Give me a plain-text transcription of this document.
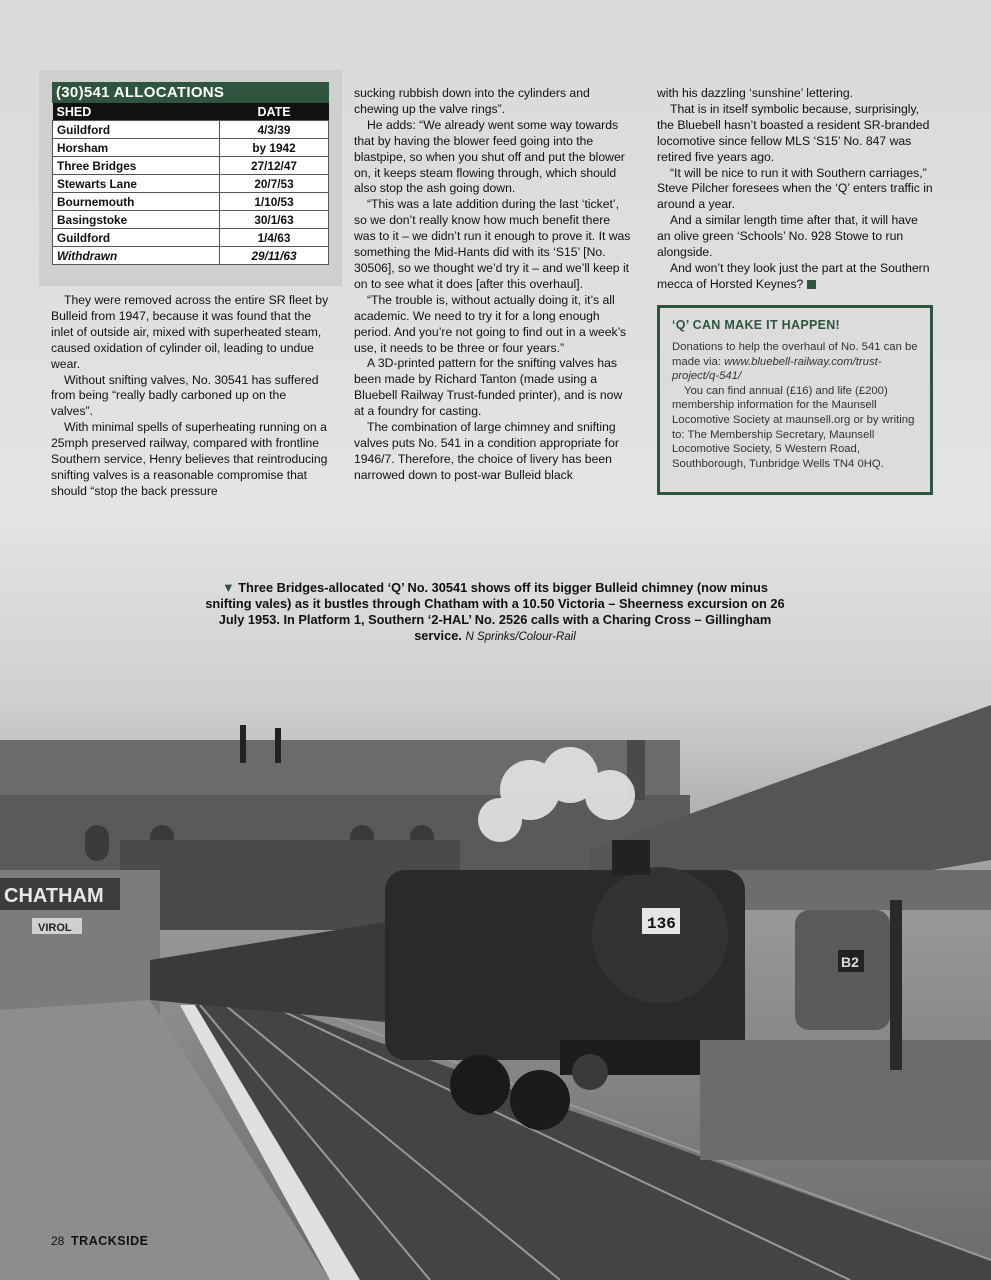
(30)541 ALLOCATIONS
SHED	DATE
Guildford	4/3/39
Horsham	by 1942
Three Bridges	27/12/47
Stewarts Lane	20/7/53
Bournemouth	1/10/53
Basingstoke	30/1/63
Guildford	1/4/63
Withdrawn	29/11/63

They were removed across the entire SR fleet by Bulleid from 1947, because it was found that the inlet of outside air, mixed with superheated steam, caused oxidation of cylinder oil, leading to undue wear.

Without snifting valves, No. 30541 has suffered from being “really badly carboned up on the valves”.

With minimal spells of superheating running on a 25mph preserved railway, compared with frontline Southern service, Henry believes that reintroducing snifting valves is a reasonable compromise that should “stop the back pressure

sucking rubbish down into the cylinders and chewing up the valve rings”.

He adds: “We already went some way towards that by having the blower feed going into the blastpipe, so when you shut off and put the blower on, it keeps steam flowing through, which should also stop the ash going down.

“This was a late addition during the last ‘ticket’, so we don’t really know how much benefit there was to it – we didn’t run it enough to prove it. It was something the Mid-Hants did with its ‘S15’ [No. 30506], so we thought we’d try it – and we’ll keep it on to see what it does [after this overhaul].

“The trouble is, without actually doing it, it’s all academic. We need to try it for a long enough period. And you’re not going to find out in a week’s use, it needs to be three or four years.”

A 3D-printed pattern for the snifting valves has been made by Richard Tanton (made using a Bluebell Railway Trust-funded printer), and is now at a foundry for casting.

The combination of large chimney and snifting valves puts No. 541 in a condition appropriate for 1946/7. Therefore, the choice of livery has been narrowed down to post-war Bulleid black

with his dazzling ‘sunshine’ lettering.

That is in itself symbolic because, surprisingly, the Bluebell hasn’t boasted a resident SR-branded locomotive since fellow MLS ‘S15’ No. 847 was retired five years ago.

“It will be nice to run it with Southern carriages,” Steve Pilcher foresees when the ‘Q’ enters traffic in around a year.

And a similar length time after that, it will have an olive green ‘Schools’ No. 928 Stowe to run alongside.

And won’t they look just the part at the Southern mecca of Horsted Keynes?

‘Q’ CAN MAKE IT HAPPEN!

Donations to help the overhaul of No. 541 can be made via: www.bluebell-railway.com/trust-project/q-541/

You can find annual (£16) and life (£200) membership information for the Maunsell Locomotive Society at maunsell.org or by writing to: The Membership Secretary, Maunsell Locomotive Society, 5 Western Road, Southborough, Tunbridge Wells TN4 0HQ.

▼ Three Bridges-allocated ‘Q’ No. 30541 shows off its bigger Bulleid chimney (now minus snifting vales) as it bustles through Chatham with a 10.50 Victoria – Sheerness excursion on 26 July 1953. In Platform 1, Southern ‘2-HAL’ No. 2526 calls with a Charing Cross – Gillingham service. N Sprinks/Colour-Rail
CHATHAM
VIROL	136
B2
28 TRACKSIDE
